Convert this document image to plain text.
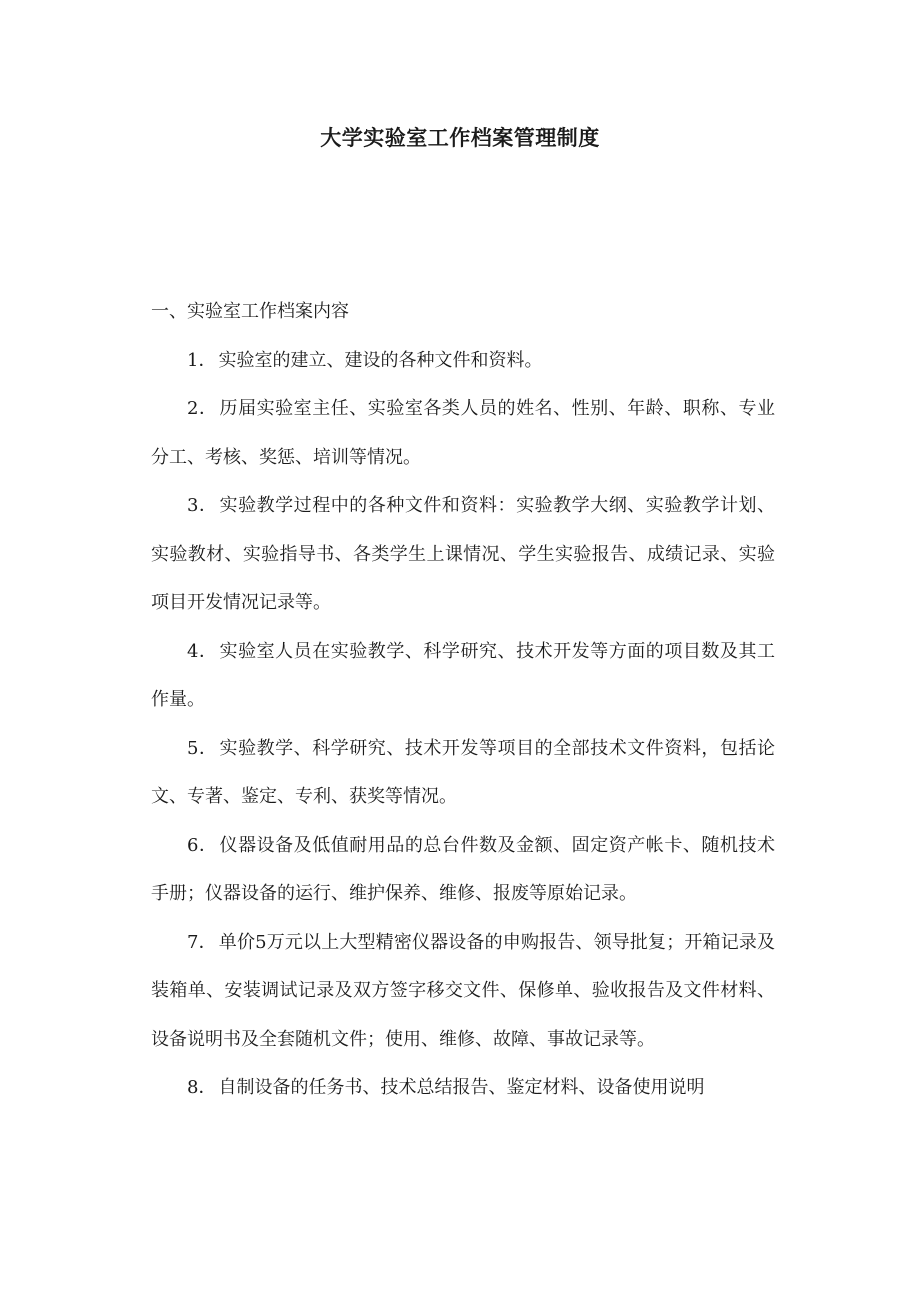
大学实验室工作档案管理制度

一、实验室工作档案内容

1． 实验室的建立、建设的各种文件和资料。

2． 历届实验室主任、实验室各类人员的姓名、性别、年龄、职称、专业分工、考核、奖惩、培训等情况。

3． 实验教学过程中的各种文件和资料：实验教学大纲、实验教学计划、实验教材、实验指导书、各类学生上课情况、学生实验报告、成绩记录、实验项目开发情况记录等。

4． 实验室人员在实验教学、科学研究、技术开发等方面的项目数及其工作量。

5． 实验教学、科学研究、技术开发等项目的全部技术文件资料，包括论文、专著、鉴定、专利、获奖等情况。

6． 仪器设备及低值耐用品的总台件数及金额、固定资产帐卡、随机技术手册；仪器设备的运行、维护保养、维修、报废等原始记录。

7． 单价5万元以上大型精密仪器设备的申购报告、领导批复；开箱记录及装箱单、安装调试记录及双方签字移交文件、保修单、验收报告及文件材料、设备说明书及全套随机文件；使用、维修、故障、事故记录等。

8． 自制设备的任务书、技术总结报告、鉴定材料、设备使用说明
